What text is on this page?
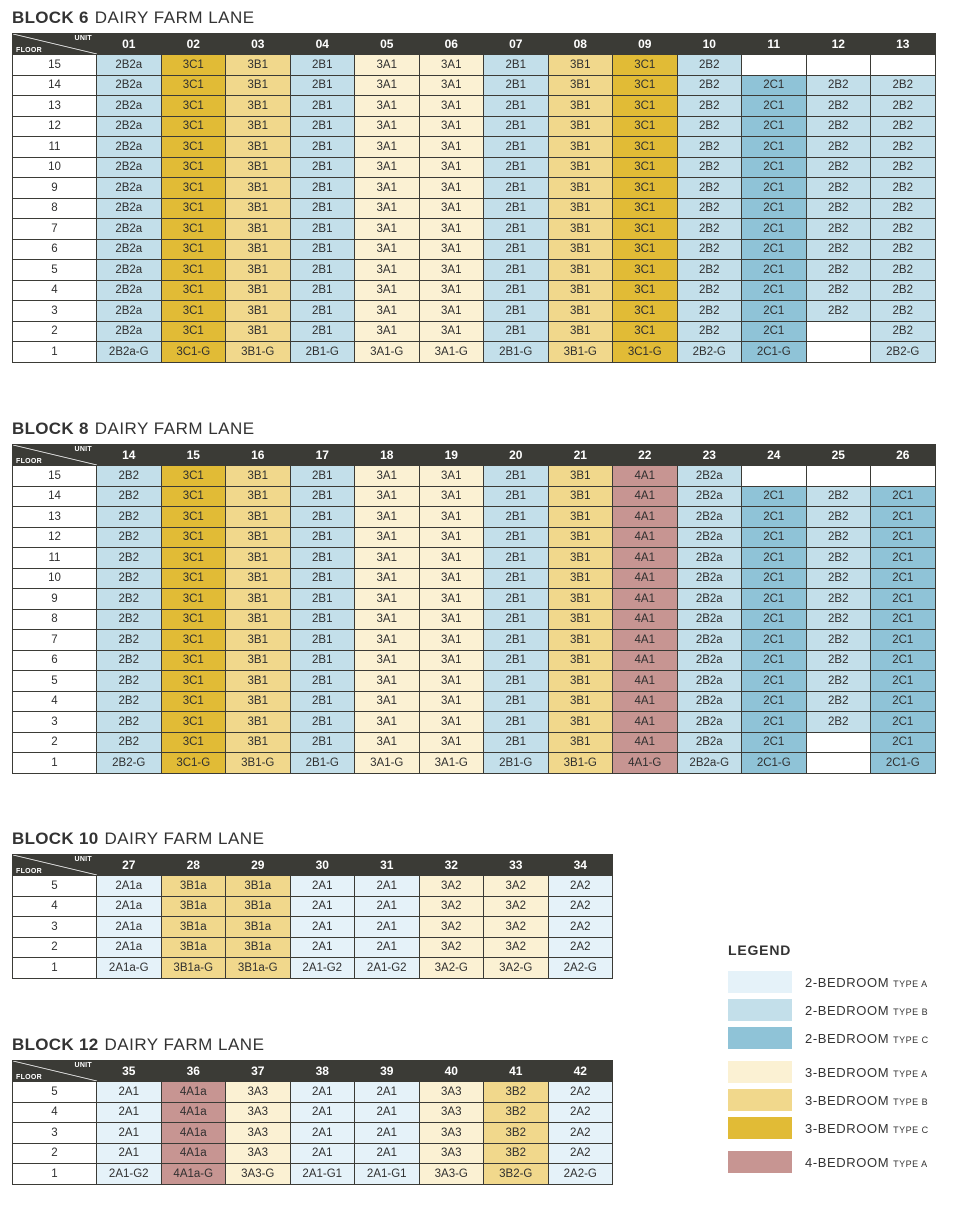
BLOCK 6 DAIRY FARM LANE
UNIT
FLOOR	01	02	03	04	05	06	07	08	09	10	11	12	13
15	2B2a	3C1	3B1	2B1	3A1	3A1	2B1	3B1	3C1	2B2			
14	2B2a	3C1	3B1	2B1	3A1	3A1	2B1	3B1	3C1	2B2	2C1	2B2	2B2
13	2B2a	3C1	3B1	2B1	3A1	3A1	2B1	3B1	3C1	2B2	2C1	2B2	2B2
12	2B2a	3C1	3B1	2B1	3A1	3A1	2B1	3B1	3C1	2B2	2C1	2B2	2B2
11	2B2a	3C1	3B1	2B1	3A1	3A1	2B1	3B1	3C1	2B2	2C1	2B2	2B2
10	2B2a	3C1	3B1	2B1	3A1	3A1	2B1	3B1	3C1	2B2	2C1	2B2	2B2
9	2B2a	3C1	3B1	2B1	3A1	3A1	2B1	3B1	3C1	2B2	2C1	2B2	2B2
8	2B2a	3C1	3B1	2B1	3A1	3A1	2B1	3B1	3C1	2B2	2C1	2B2	2B2
7	2B2a	3C1	3B1	2B1	3A1	3A1	2B1	3B1	3C1	2B2	2C1	2B2	2B2
6	2B2a	3C1	3B1	2B1	3A1	3A1	2B1	3B1	3C1	2B2	2C1	2B2	2B2
5	2B2a	3C1	3B1	2B1	3A1	3A1	2B1	3B1	3C1	2B2	2C1	2B2	2B2
4	2B2a	3C1	3B1	2B1	3A1	3A1	2B1	3B1	3C1	2B2	2C1	2B2	2B2
3	2B2a	3C1	3B1	2B1	3A1	3A1	2B1	3B1	3C1	2B2	2C1	2B2	2B2
2	2B2a	3C1	3B1	2B1	3A1	3A1	2B1	3B1	3C1	2B2	2C1		2B2
1	2B2a-G	3C1-G	3B1-G	2B1-G	3A1-G	3A1-G	2B1-G	3B1-G	3C1-G	2B2-G	2C1-G		2B2-G
BLOCK 8 DAIRY FARM LANE
UNIT
FLOOR	14	15	16	17	18	19	20	21	22	23	24	25	26
15	2B2	3C1	3B1	2B1	3A1	3A1	2B1	3B1	4A1	2B2a			
14	2B2	3C1	3B1	2B1	3A1	3A1	2B1	3B1	4A1	2B2a	2C1	2B2	2C1
13	2B2	3C1	3B1	2B1	3A1	3A1	2B1	3B1	4A1	2B2a	2C1	2B2	2C1
12	2B2	3C1	3B1	2B1	3A1	3A1	2B1	3B1	4A1	2B2a	2C1	2B2	2C1
11	2B2	3C1	3B1	2B1	3A1	3A1	2B1	3B1	4A1	2B2a	2C1	2B2	2C1
10	2B2	3C1	3B1	2B1	3A1	3A1	2B1	3B1	4A1	2B2a	2C1	2B2	2C1
9	2B2	3C1	3B1	2B1	3A1	3A1	2B1	3B1	4A1	2B2a	2C1	2B2	2C1
8	2B2	3C1	3B1	2B1	3A1	3A1	2B1	3B1	4A1	2B2a	2C1	2B2	2C1
7	2B2	3C1	3B1	2B1	3A1	3A1	2B1	3B1	4A1	2B2a	2C1	2B2	2C1
6	2B2	3C1	3B1	2B1	3A1	3A1	2B1	3B1	4A1	2B2a	2C1	2B2	2C1
5	2B2	3C1	3B1	2B1	3A1	3A1	2B1	3B1	4A1	2B2a	2C1	2B2	2C1
4	2B2	3C1	3B1	2B1	3A1	3A1	2B1	3B1	4A1	2B2a	2C1	2B2	2C1
3	2B2	3C1	3B1	2B1	3A1	3A1	2B1	3B1	4A1	2B2a	2C1	2B2	2C1
2	2B2	3C1	3B1	2B1	3A1	3A1	2B1	3B1	4A1	2B2a	2C1		2C1
1	2B2-G	3C1-G	3B1-G	2B1-G	3A1-G	3A1-G	2B1-G	3B1-G	4A1-G	2B2a-G	2C1-G		2C1-G
BLOCK 10 DAIRY FARM LANE
UNIT
FLOOR	27	28	29	30	31	32	33	34
5	2A1a	3B1a	3B1a	2A1	2A1	3A2	3A2	2A2
4	2A1a	3B1a	3B1a	2A1	2A1	3A2	3A2	2A2
3	2A1a	3B1a	3B1a	2A1	2A1	3A2	3A2	2A2
2	2A1a	3B1a	3B1a	2A1	2A1	3A2	3A2	2A2
1	2A1a-G	3B1a-G	3B1a-G	2A1-G2	2A1-G2	3A2-G	3A2-G	2A2-G
BLOCK 12 DAIRY FARM LANE
UNIT
FLOOR	35	36	37	38	39	40	41	42
5	2A1	4A1a	3A3	2A1	2A1	3A3	3B2	2A2
4	2A1	4A1a	3A3	2A1	2A1	3A3	3B2	2A2
3	2A1	4A1a	3A3	2A1	2A1	3A3	3B2	2A2
2	2A1	4A1a	3A3	2A1	2A1	3A3	3B2	2A2
1	2A1-G2	4A1a-G	3A3-G	2A1-G1	2A1-G1	3A3-G	3B2-G	2A2-G
LEGEND
2-BEDROOM TYPE A
2-BEDROOM TYPE B
2-BEDROOM TYPE C
3-BEDROOM TYPE A
3-BEDROOM TYPE B
3-BEDROOM TYPE C
4-BEDROOM TYPE A
